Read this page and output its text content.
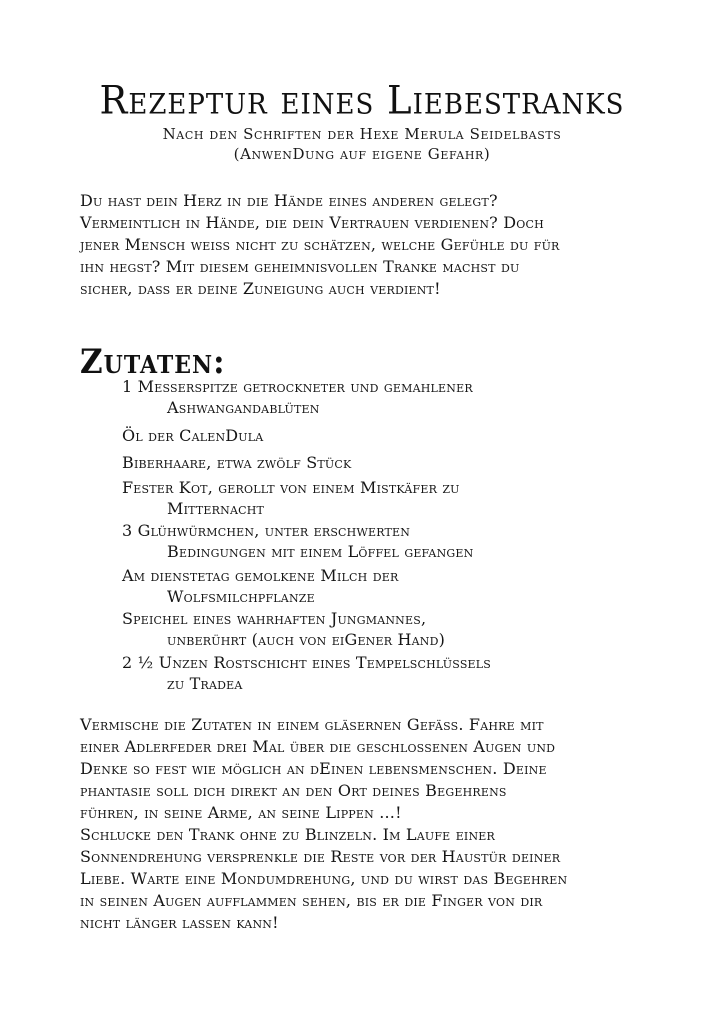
Rezeptur eines Liebestranks
Nach den Schriften der Hexe Merula Seidelbasts
(AnwenDung auf eigene Gefahr)

Du hast dein Herz in die Hände eines anderen gelegt?

Vermeintlich in Hände, die dein Vertrauen verdienen? Doch

jener Mensch weiss nicht zu schätzen, welche Gefühle du für

ihn hegst? Mit diesem geheimnisvollen Tranke machst du

sicher, dass er deine Zuneigung auch verdient!

Zutaten:
1 Messerspitze getrockneter und gemahlener
Ashwangandablüten
Öl der CalenDula
Biberhaare, etwa zwölf Stück
Fester Kot, gerollt von einem Mistkäfer zu
Mitternacht
3 Glühwürmchen, unter erschwerten
Bedingungen mit einem Löffel gefangen
Am dienstetag gemolkene Milch der
Wolfsmilchpflanze
Speichel eines wahrhaften Jungmannes,
unberührt (auch von eiGener Hand)
2 ½ Unzen Rostschicht eines Tempelschlüssels
zu Tradea

Vermische die Zutaten in einem gläsernen Gefäss. Fahre mit

einer Adlerfeder drei Mal über die geschlossenen Augen und

Denke so fest wie möglich an dEinen lebensmenschen. Deine

phantasie soll dich direkt an den Ort deines Begehrens

führen, in seine Arme, an seine Lippen ...!

Schlucke den Trank ohne zu Blinzeln. Im Laufe einer

Sonnendrehung versprenkle die Reste vor der Haustür deiner

Liebe. Warte eine Mondumdrehung, und du wirst das Begehren

in seinen Augen aufflammen sehen, bis er die Finger von dir

nicht länger lassen kann!
